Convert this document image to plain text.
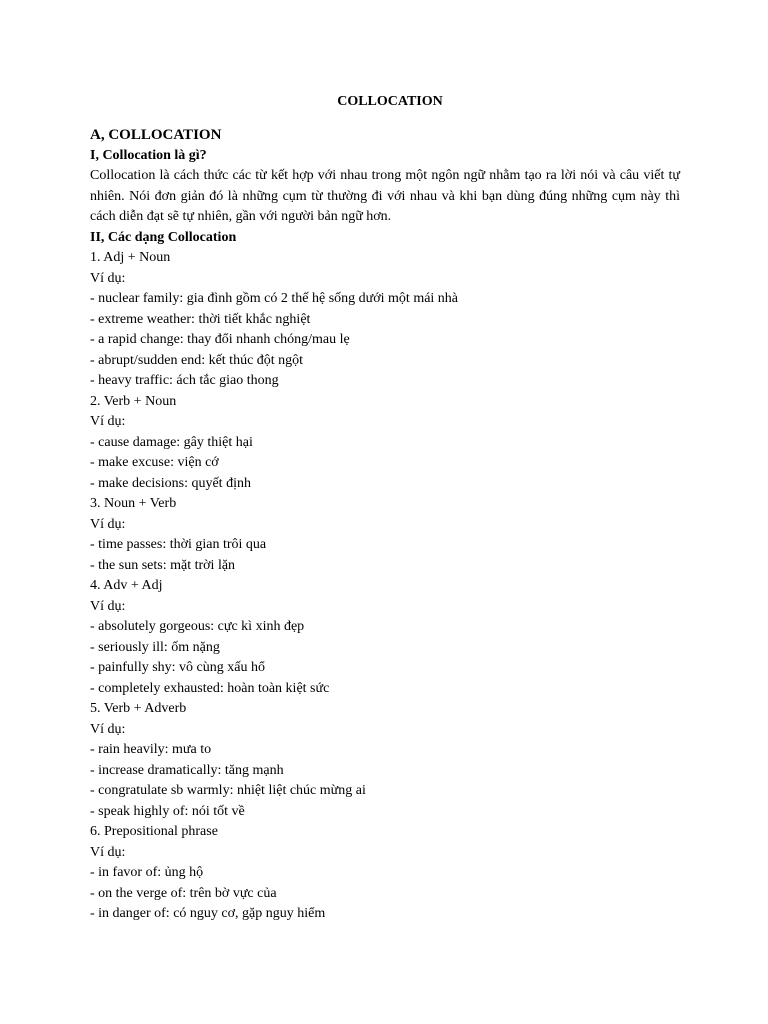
COLLOCATION
A, COLLOCATION
I, Collocation là gì?
Collocation là cách thức các từ kết hợp với nhau trong một ngôn ngữ nhằm tạo ra lời nói và câu viết tự nhiên. Nói đơn giản đó là những cụm từ thường đi với nhau và khi bạn dùng đúng những cụm này thì cách diễn đạt sẽ tự nhiên, gần với người bản ngữ hơn.
II, Các dạng Collocation
1. Adj + Noun
Ví dụ:
- nuclear family: gia đình gồm có 2 thế hệ sống dưới một mái nhà
- extreme weather: thời tiết khắc nghiệt
- a rapid change: thay đổi nhanh chóng/mau lẹ
- abrupt/sudden end: kết thúc đột ngột
- heavy traffic: ách tắc giao thong
2. Verb + Noun
Ví dụ:
- cause damage: gây thiệt hại
- make excuse: viện cớ
- make decisions: quyết định
3. Noun + Verb
Ví dụ:
- time passes: thời gian trôi qua
- the sun sets: mặt trời lặn
4. Adv + Adj
Ví dụ:
- absolutely gorgeous: cực kì xinh đẹp
- seriously ill: ốm nặng
- painfully shy: vô cùng xấu hổ
- completely exhausted: hoàn toàn kiệt sức
5. Verb + Adverb
Ví dụ:
- rain heavily: mưa to
- increase dramatically: tăng mạnh
- congratulate sb warmly: nhiệt liệt chúc mừng ai
- speak highly of: nói tốt về
6. Prepositional phrase
Ví dụ:
- in favor of: ủng hộ
- on the verge of: trên bờ vực của
- in danger of: có nguy cơ, gặp nguy hiểm
